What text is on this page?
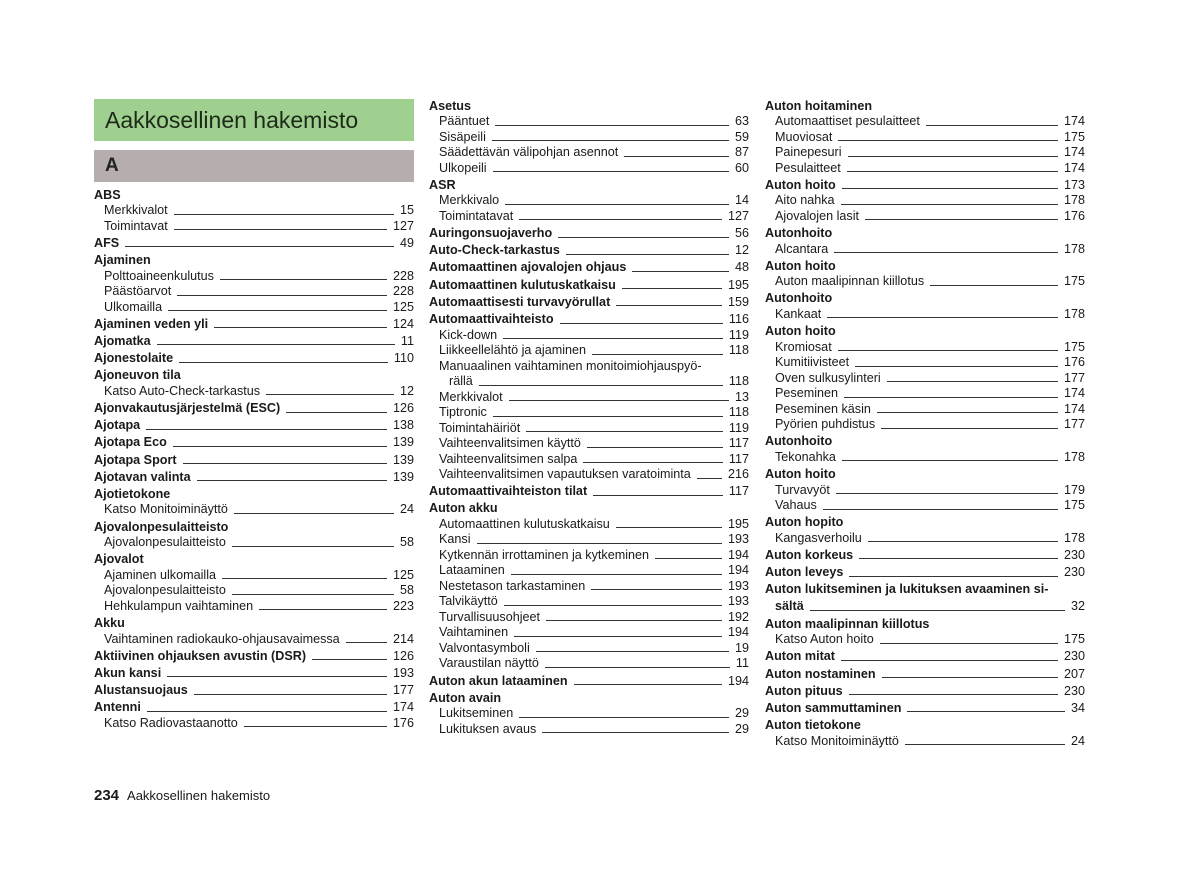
Aakkosellinen hakemisto
A
ABS
Merkkivalot	15
Toimintavat	127
AFS	49
Ajaminen
Polttoaineenkulutus	228
Päästöarvot	228
Ulkomailla	125
Ajaminen veden yli	124
Ajomatka	11
Ajonestolaite	110
Ajoneuvon tila
Katso Auto-Check-tarkastus	12
Ajonvakautusjärjestelmä (ESC)	126
Ajotapa	138
Ajotapa Eco	139
Ajotapa Sport	139
Ajotavan valinta	139
Ajotietokone
Katso Monitoiminäyttö	24
Ajovalonpesulaitteisto
Ajovalonpesulaitteisto	58
Ajovalot
Ajaminen ulkomailla	125
Ajovalonpesulaitteisto	58
Hehkulampun vaihtaminen	223
Akku
Vaihtaminen radiokauko-ohjausavaimessa	214
Aktiivinen ohjauksen avustin (DSR)	126
Akun kansi	193
Alustansuojaus	177
Antenni	174
Katso Radiovastaanotto	176
Asetus
Pääntuet	63
Sisäpeili	59
Säädettävän välipohjan asennot	87
Ulkopeili	60
ASR
Merkkivalo	14
Toimintatavat	127
Auringonsuojaverho	56
Auto-Check-tarkastus	12
Automaattinen ajovalojen ohjaus	48
Automaattinen kulutuskatkaisu	195
Automaattisesti turvavyörullat	159
Automaattivaihteisto	116
Kick-down	119
Liikkeellelähtö ja ajaminen	118
Manuaalinen vaihtaminen monitoimiohjauspyö-
rällä	118
Merkkivalot	13
Tiptronic	118
Toimintahäiriöt	119
Vaihteenvalitsimen käyttö	117
Vaihteenvalitsimen salpa	117
Vaihteenvalitsimen vapautuksen varatoiminta	216
Automaattivaihteiston tilat	117
Auton akku
Automaattinen kulutuskatkaisu	195
Kansi	193
Kytkennän irrottaminen ja kytkeminen	194
Lataaminen	194
Nestetason tarkastaminen	193
Talvikäyttö	193
Turvallisuusohjeet	192
Vaihtaminen	194
Valvontasymboli	19
Varaustilan näyttö	11
Auton akun lataaminen	194
Auton avain
Lukitseminen	29
Lukituksen avaus	29
Auton hoitaminen
Automaattiset pesulaitteet	174
Muoviosat	175
Painepesuri	174
Pesulaitteet	174
Auton hoito	173
Aito nahka	178
Ajovalojen lasit	176
Autonhoito
Alcantara	178
Auton hoito
Auton maalipinnan kiillotus	175
Autonhoito
Kankaat	178
Auton hoito
Kromiosat	175
Kumitiivisteet	176
Oven sulkusylinteri	177
Peseminen	174
Peseminen käsin	174
Pyörien puhdistus	177
Autonhoito
Tekonahka	178
Auton hoito
Turvavyöt	179
Vahaus	175
Auton hopito
Kangasverhoilu	178
Auton korkeus	230
Auton leveys	230
Auton lukitseminen ja lukituksen avaaminen si-
sältä	32
Auton maalipinnan kiillotus
Katso Auton hoito	175
Auton mitat	230
Auton nostaminen	207
Auton pituus	230
Auton sammuttaminen	34
Auton tietokone
Katso Monitoiminäyttö	24
234 Aakkosellinen hakemisto
